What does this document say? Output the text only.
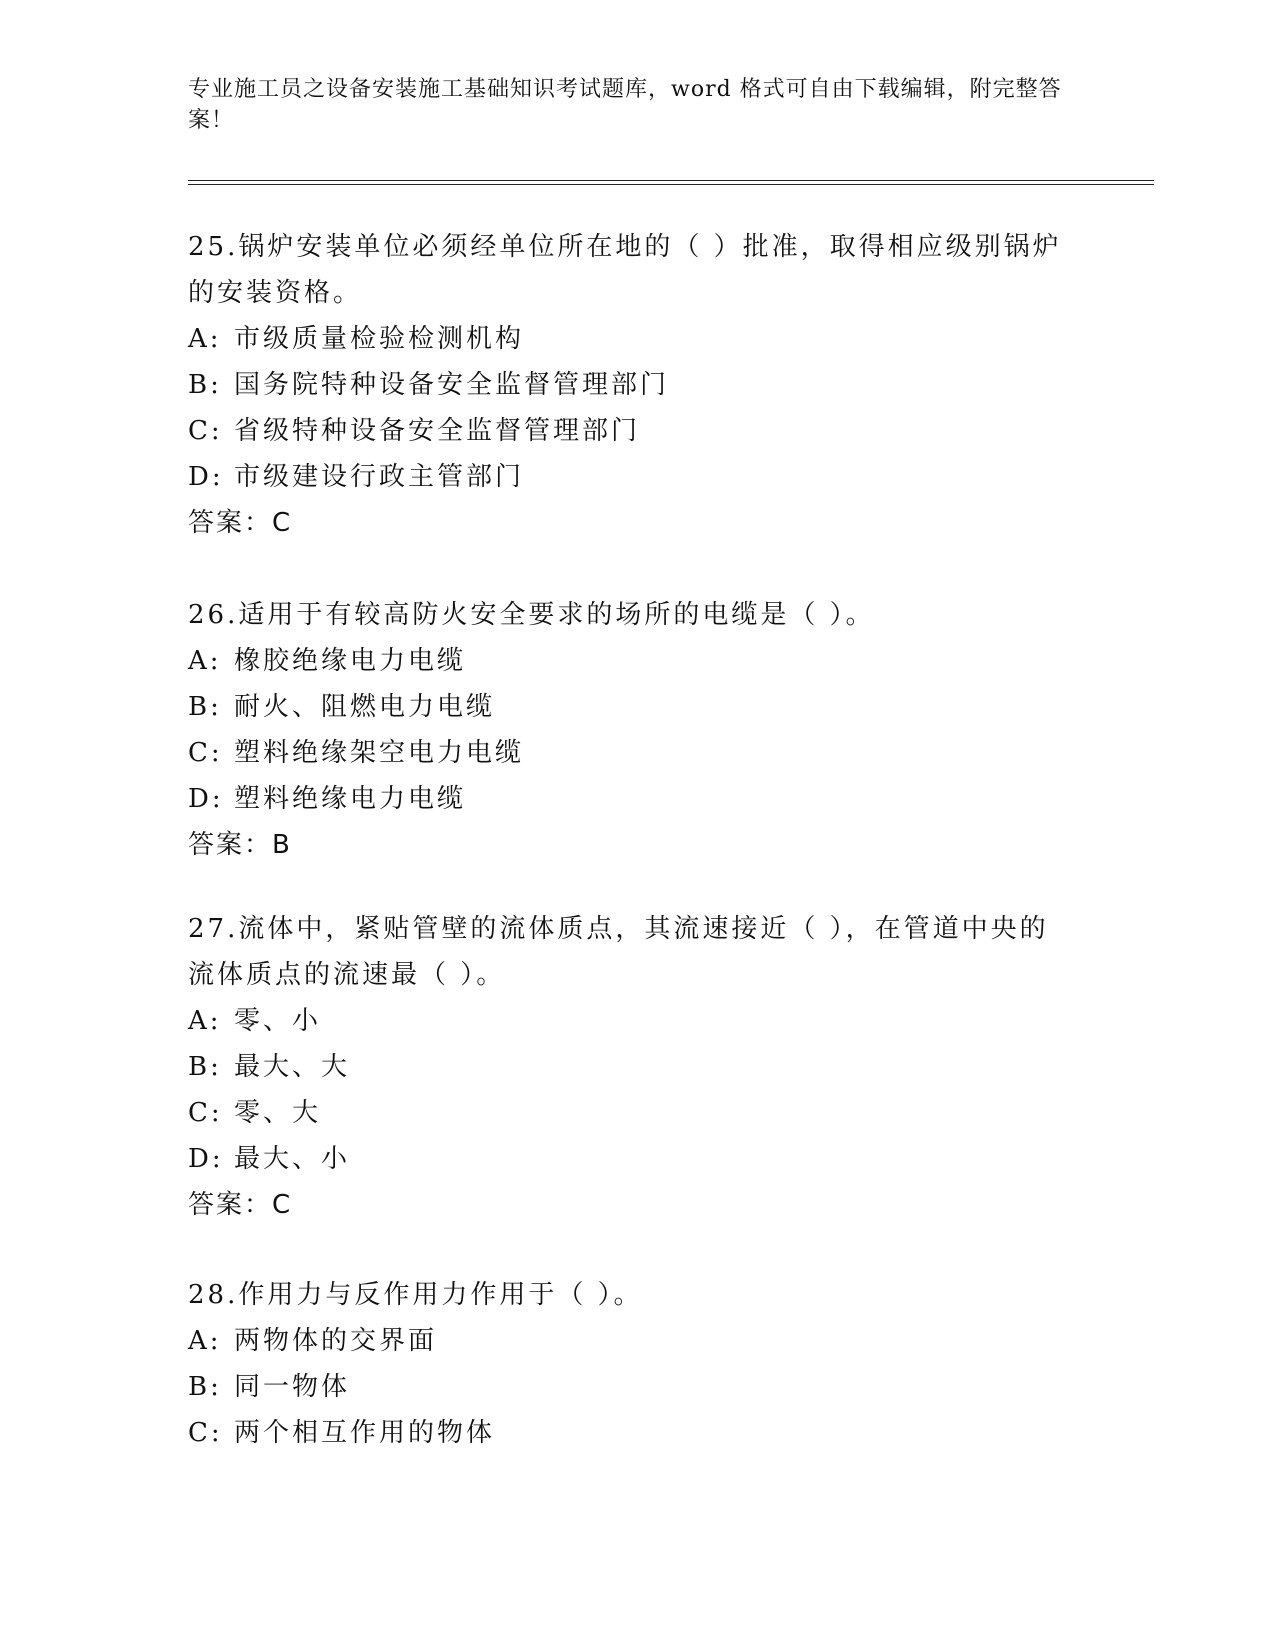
专业施工员之设备安装施工基础知识考试题库，word 格式可自由下载编辑，附完整答案！
25.锅炉安装单位必须经单位所在地的（ ）批准，取得相应级别锅炉的安装资格。
A: 市级质量检验检测机构
B: 国务院特种设备安全监督管理部门
C: 省级特种设备安全监督管理部门
D: 市级建设行政主管部门
答案：C
26.适用于有较高防火安全要求的场所的电缆是（ ）。
A: 橡胶绝缘电力电缆
B: 耐火、阻燃电力电缆
C: 塑料绝缘架空电力电缆
D: 塑料绝缘电力电缆
答案：B
27.流体中，紧贴管壁的流体质点，其流速接近（ ），在管道中央的流体质点的流速最（ ）。
A: 零、小
B: 最大、大
C: 零、大
D: 最大、小
答案：C
28.作用力与反作用力作用于（ ）。
A: 两物体的交界面
B: 同一物体
C: 两个相互作用的物体
